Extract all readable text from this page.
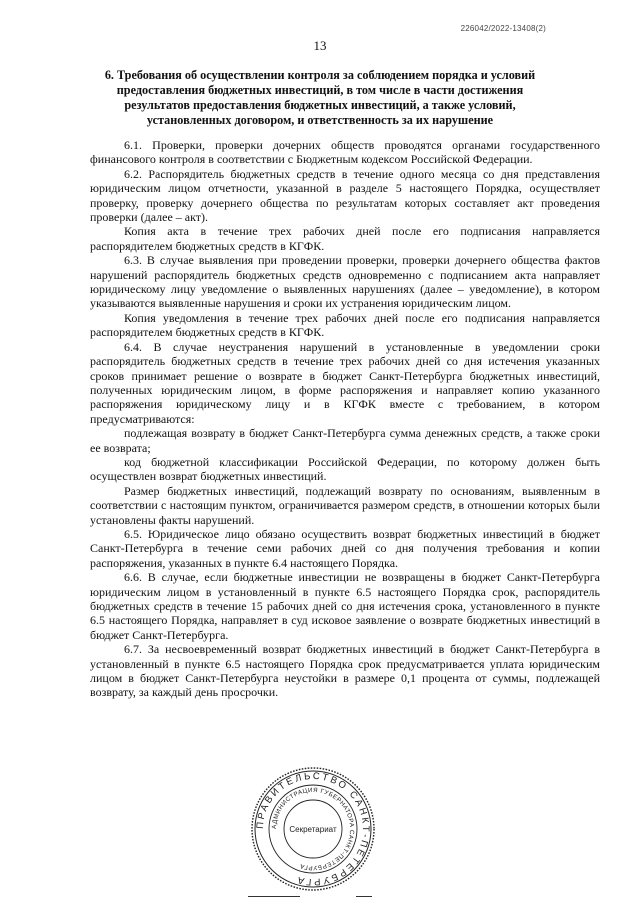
226042/2022-13408(2)
13
6. Требования об осуществлении контроля за соблюдением порядка и условий предоставления бюджетных инвестиций, в том числе в части достижения результатов предоставления бюджетных инвестиций, а также условий, установленных договором, и ответственность за их нарушение

6.1. Проверки, проверки дочерних обществ проводятся органами государственного финансового контроля в соответствии с Бюджетным кодексом Российской Федерации.

6.2. Распорядитель бюджетных средств в течение одного месяца со дня представления юридическим лицом отчетности, указанной в разделе 5 настоящего Порядка, осуществляет проверку, проверку дочернего общества по результатам которых составляет акт проведения проверки (далее – акт).

Копия акта в течение трех рабочих дней после его подписания направляется распорядителем бюджетных средств в КГФК.

6.3. В случае выявления при проведении проверки, проверки дочернего общества фактов нарушений распорядитель бюджетных средств одновременно с подписанием акта направляет юридическому лицу уведомление о выявленных нарушениях (далее – уведомление), в котором указываются выявленные нарушения и сроки их устранения юридическим лицом.

Копия уведомления в течение трех рабочих дней после его подписания направляется распорядителем бюджетных средств в КГФК.

6.4. В случае неустранения нарушений в установленные в уведомлении сроки распорядитель бюджетных средств в течение трех рабочих дней со дня истечения указанных сроков принимает решение о возврате в бюджет Санкт-Петербурга бюджетных инвестиций, полученных юридическим лицом, в форме распоряжения и направляет копию указанного распоряжения юридическому лицу и в КГФК вместе с требованием, в котором предусматриваются:

подлежащая возврату в бюджет Санкт-Петербурга сумма денежных средств, а также сроки ее возврата;

код бюджетной классификации Российской Федерации, по которому должен быть осуществлен возврат бюджетных инвестиций.

Размер бюджетных инвестиций, подлежащий возврату по основаниям, выявленным в соответствии с настоящим пунктом, ограничивается размером средств, в отношении которых были установлены факты нарушений.

6.5. Юридическое лицо обязано осуществить возврат бюджетных инвестиций в бюджет Санкт-Петербурга в течение семи рабочих дней со дня получения требования и копии распоряжения, указанных в пункте 6.4 настоящего Порядка.

6.6. В случае, если бюджетные инвестиции не возвращены в бюджет Санкт-Петербурга юридическим лицом в установленный в пункте 6.5 настоящего Порядка срок, распорядитель бюджетных средств в течение 15 рабочих дней со дня истечения срока, установленного в пункте 6.5 настоящего Порядка, направляет в суд исковое заявление о возврате бюджетных инвестиций в бюджет Санкт-Петербурга.

6.7. За несвоевременный возврат бюджетных инвестиций в бюджет Санкт-Петербурга в установленный в пункте 6.5 настоящего Порядка срок предусматривается уплата юридическим лицом в бюджет Санкт-Петербурга неустойки в размере 0,1 процента от суммы, подлежащей возврату, за каждый день просрочки.

ПРАВИТЕЛЬСТВО САНКТ-ПЕТЕРБУРГА
АДМИНИСТРАЦИЯ ГУБЕРНАТОРА САНКТ-ПЕТЕРБУРГА
Секретариат
